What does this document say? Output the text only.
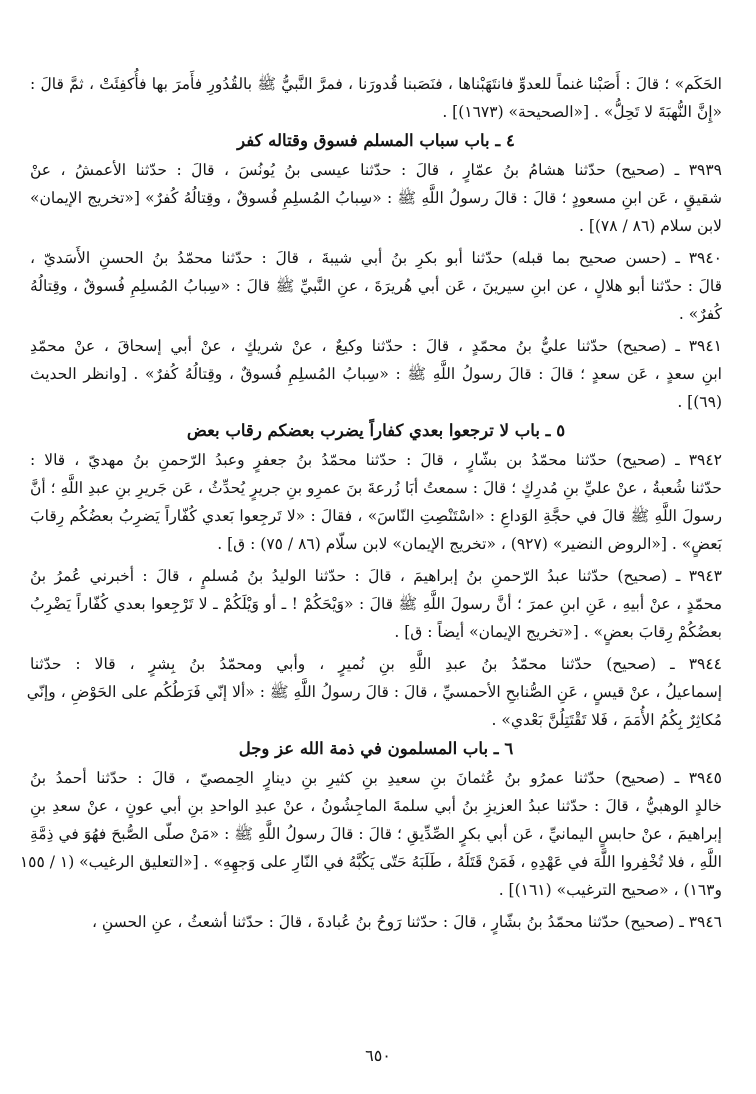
الحَكَم» ؛ قالَ : أَصَبْنا غنماً للعدوِّ فانتَهَبْناها ، فنَصَبنا قُدورَنا ، فمرَّ النَّبيُّ ﷺ بالقُدُورِ فأَمرَ بها فأُكفِئَتْ ، ثمَّ قالَ :
«إِنَّ النُّهبَةَ لا تَحِلُّ» . [«الصحيحة» (١٦٧٣)] .
٤ ـ باب سباب المسلم فسوق وقتاله كفر
٣٩٣٩ ـ (صحيح) حدّثنا هشامُ بنُ عمّارٍ ، قالَ : حدّثنا عيسى بنُ يُونُسَ ، قالَ : حدّثنا الأعمشُ ، عنْ
شقيقٍ ، عَن ابنِ مسعودٍ ؛ قالَ : قالَ رسولُ اللَّهِ ﷺ : «سِبابُ المُسلِمِ فُسوقٌ ، وقِتالُهُ كُفرٌ» [«تخريج الإيمان»
لابن سلام (٨٦ / ٧٨)] .
٣٩٤٠ ـ (حسن صحيح بما قبله) حدّثنا أبو بكرِ بنُ أبي شيبةَ ، قالَ : حدّثنا محمّدُ بنُ الحسنِ الأَسَديّ ،
قالَ : حدّثنا أبو هلالٍ ، عن ابنِ سيرينَ ، عَن أبي هُريرَةَ ، عنِ النَّبيِّ ﷺ قالَ : «سِبابُ المُسلِمِ فُسوقٌ ، وقِتالُهُ
كُفرٌ» .
٣٩٤١ ـ (صحيح) حدّثنا عليُّ بنُ محمّدٍ ، قالَ : حدّثنا وكيعٌ ، عنْ شريكٍ ، عنْ أبي إسحاقَ ، عنْ محمّدِ
ابنِ سعدٍ ، عَن سعدٍ ؛ قالَ : قالَ رسولُ اللَّهِ ﷺ : «سِبابُ المُسلِمِ فُسوقٌ ، وقِتالُهُ كُفرٌ» . [وانظر الحديث
(٦٩)] .
٥ ـ باب لا ترجعوا بعدي كفاراً يضرب بعضكم رقاب بعض
٣٩٤٢ ـ (صحيح) حدّثنا محمّدُ بن بشّارٍ ، قالَ : حدّثنا محمّدُ بنُ جعفرٍ وعبدُ الرّحمنِ بنُ مهديّ ، قالا :
حدّثنا شُعبةُ ، عنْ عليِّ بنِ مُدرِكٍ ؛ قالَ : سمعتُ أبَا زُرعةَ بنَ عمرِو بنِ جريرٍ يُحدِّثُ ، عَن جَريرِ بنِ عبدِ اللَّهِ ؛ أنَّ
رسولَ اللَّهِ ﷺ قالَ في حجَّةِ الوَداعِ : «اسْتَنْصِتِ النّاسَ» ، فقالَ : «لا تَرجِعوا بَعدي كُفّاراً يَضرِبُ بعضُكُم رِقابَ
بَعضٍ» . [«الروض النضير» (٩٢٧) ، «تخريج الإيمان» لابن سلّام (٨٦ / ٧٥) : ق] .
٣٩٤٣ ـ (صحيح) حدّثنا عبدُ الرّحمنِ بنُ إبراهيمَ ، قالَ : حدّثنا الوليدُ بنُ مُسلمٍ ، قالَ : أخبرني عُمرُ بنُ
محمّدٍ ، عنْ أبيهِ ، عَنِ ابنِ عمرَ ؛ أنَّ رسولَ اللَّهِ ﷺ قالَ : «وَيْحَكُمْ ! ـ أو وَيْلَكُمْ ـ لا تَرْجِعوا بعدي كُفّاراً يَضْرِبُ
بعضُكُمْ رِقابَ بعضٍ» . [«تخريج الإيمان» أيضاً : ق] .
٣٩٤٤ ـ (صحيح) حدّثنا محمّدُ بنُ عبدِ اللَّهِ بنِ نُميرٍ ، وأبي ومحمّدُ بنُ بِشرٍ ، قالا : حدّثنا
إسماعيلُ ، عنْ قيسٍ ، عَنِ الصُّنابحِ الأحمسيِّ ، قالَ : قالَ رسولُ اللَّهِ ﷺ : «ألا إنّي فَرَطُكُم على الحَوْضِ ، وإنّي
مُكاثِرٌ بِكُمُ الأُمَمَ ، فَلا تَقْتَتِلُنَّ بَعْدي» .
٦ ـ باب المسلمون في ذمة الله عز وجل
٣٩٤٥ ـ (صحيح) حدّثنا عمرُو بنُ عُثمانَ بنِ سعيدِ بنِ كثيرِ بنِ دينارٍ الحِمصيّ ، قالَ : حدّثنا أحمدُ بنُ
خالدٍ الوهبيُّ ، قالَ : حدّثنا عبدُ العزيزِ بنُ أبي سلمةَ الماجِشُونُ ، عنْ عبدِ الواحدِ بنِ أبي عونٍ ، عنْ سعدِ بنِ
إبراهيمَ ، عنْ حابسٍ اليمانيِّ ، عَن أبي بكرٍ الصِّدِّيقِ ؛ قالَ : قالَ رسولُ اللَّهِ ﷺ : «مَنْ صلّى الصُّبحَ فهُوَ في ذِمَّةِ
اللَّهِ ، فلا تُخْفِروا اللَّهَ في عَهْدِهِ ، فَمَنْ قَتَلَهُ ، طَلَبَهُ حَتّى يَكُبَّهُ في النّارِ على وَجهِهِ» . [«التعليق الرغيب» (١ / ١٥٥
و١٦٣) ، «صحيح الترغيب» (١٦١)] .
٣٩٤٦ ـ (صحيح) حدّثنا محمّدُ بنُ بشّارٍ ، قالَ : حدّثنا رَوحُ بنُ عُبادةَ ، قالَ : حدّثنا أشعثُ ، عنِ الحسنِ ،
٦٥٠
